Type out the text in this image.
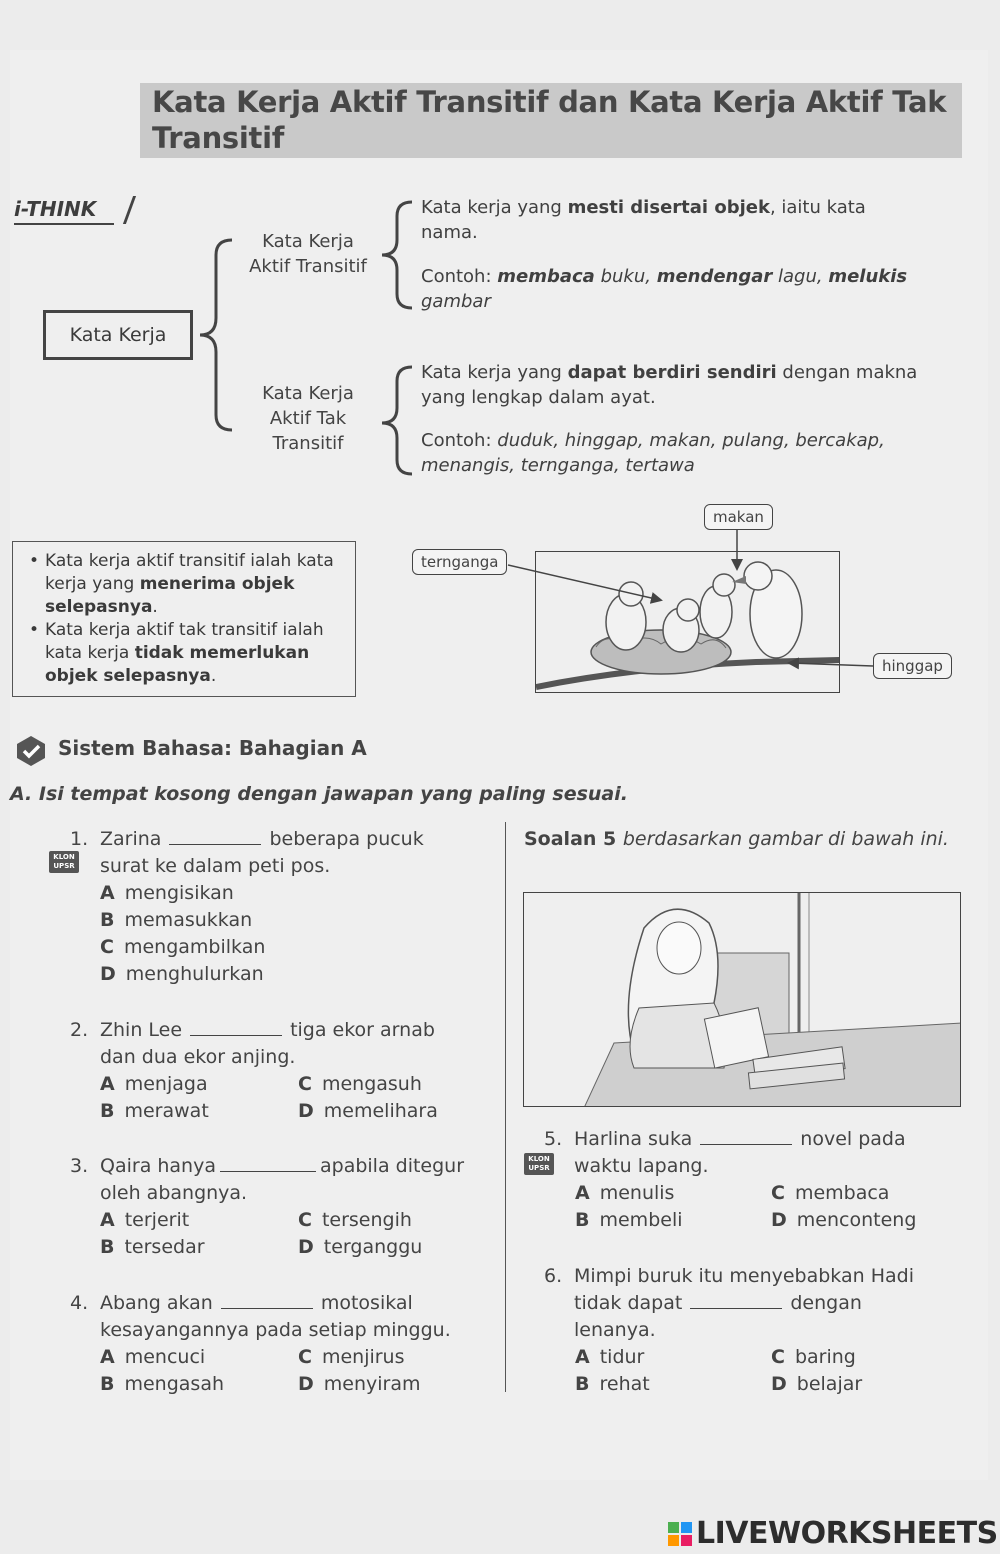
Kata Kerja Aktif Transitif dan Kata Kerja Aktif Tak Transitif
i-THINK
Kata Kerja
Kata Kerja Aktif Transitif
Kata Kerja Aktif Tak Transitif
Kata kerja yang mesti disertai objek, iaitu kata nama.
Contoh: membaca buku, mendengar lagu, melukis gambar
Kata kerja yang dapat berdiri sendiri dengan makna yang lengkap dalam ayat.
Contoh: duduk, hinggap, makan, pulang, bercakap, menangis, ternganga, tertawa
• Kata kerja aktif transitif ialah kata kerja yang menerima objek selepasnya.
• Kata kerja aktif tak transitif ialah kata kerja tidak memerlukan objek selepasnya.
makan
ternganga
hinggap
Sistem Bahasa: Bahagian A
A. Isi tempat kosong dengan jawapan yang paling sesuai.
KLON
UPSR
KLON
UPSR
1. Zarina	beberapa pucuk
surat ke dalam peti pos.
A mengisikan
B memasukkan
C mengambilkan
D menghulurkan
2. Zhin Lee	tiga ekor arnab
dan dua ekor anjing.
A menjaga	C mengasuh
B merawat	D memelihara
3. Qaira hanya	apabila ditegur
oleh abangnya.
A terjerit	C tersengih
B tersedar	D terganggu
4. Abang akan	motosikal
kesayangannya pada setiap minggu.
A mencuci	C menjirus
B mengasah	D menyiram
Soalan 5 berdasarkan gambar di bawah ini.
5. Harlina suka	novel pada
waktu lapang.
A menulis	C membaca
B membeli	D menconteng
6. Mimpi buruk itu menyebabkan Hadi tidak dapat	dengan
lenanya.
A tidur	C baring
B rehat	D belajar
LIVEWORKSHEETS
